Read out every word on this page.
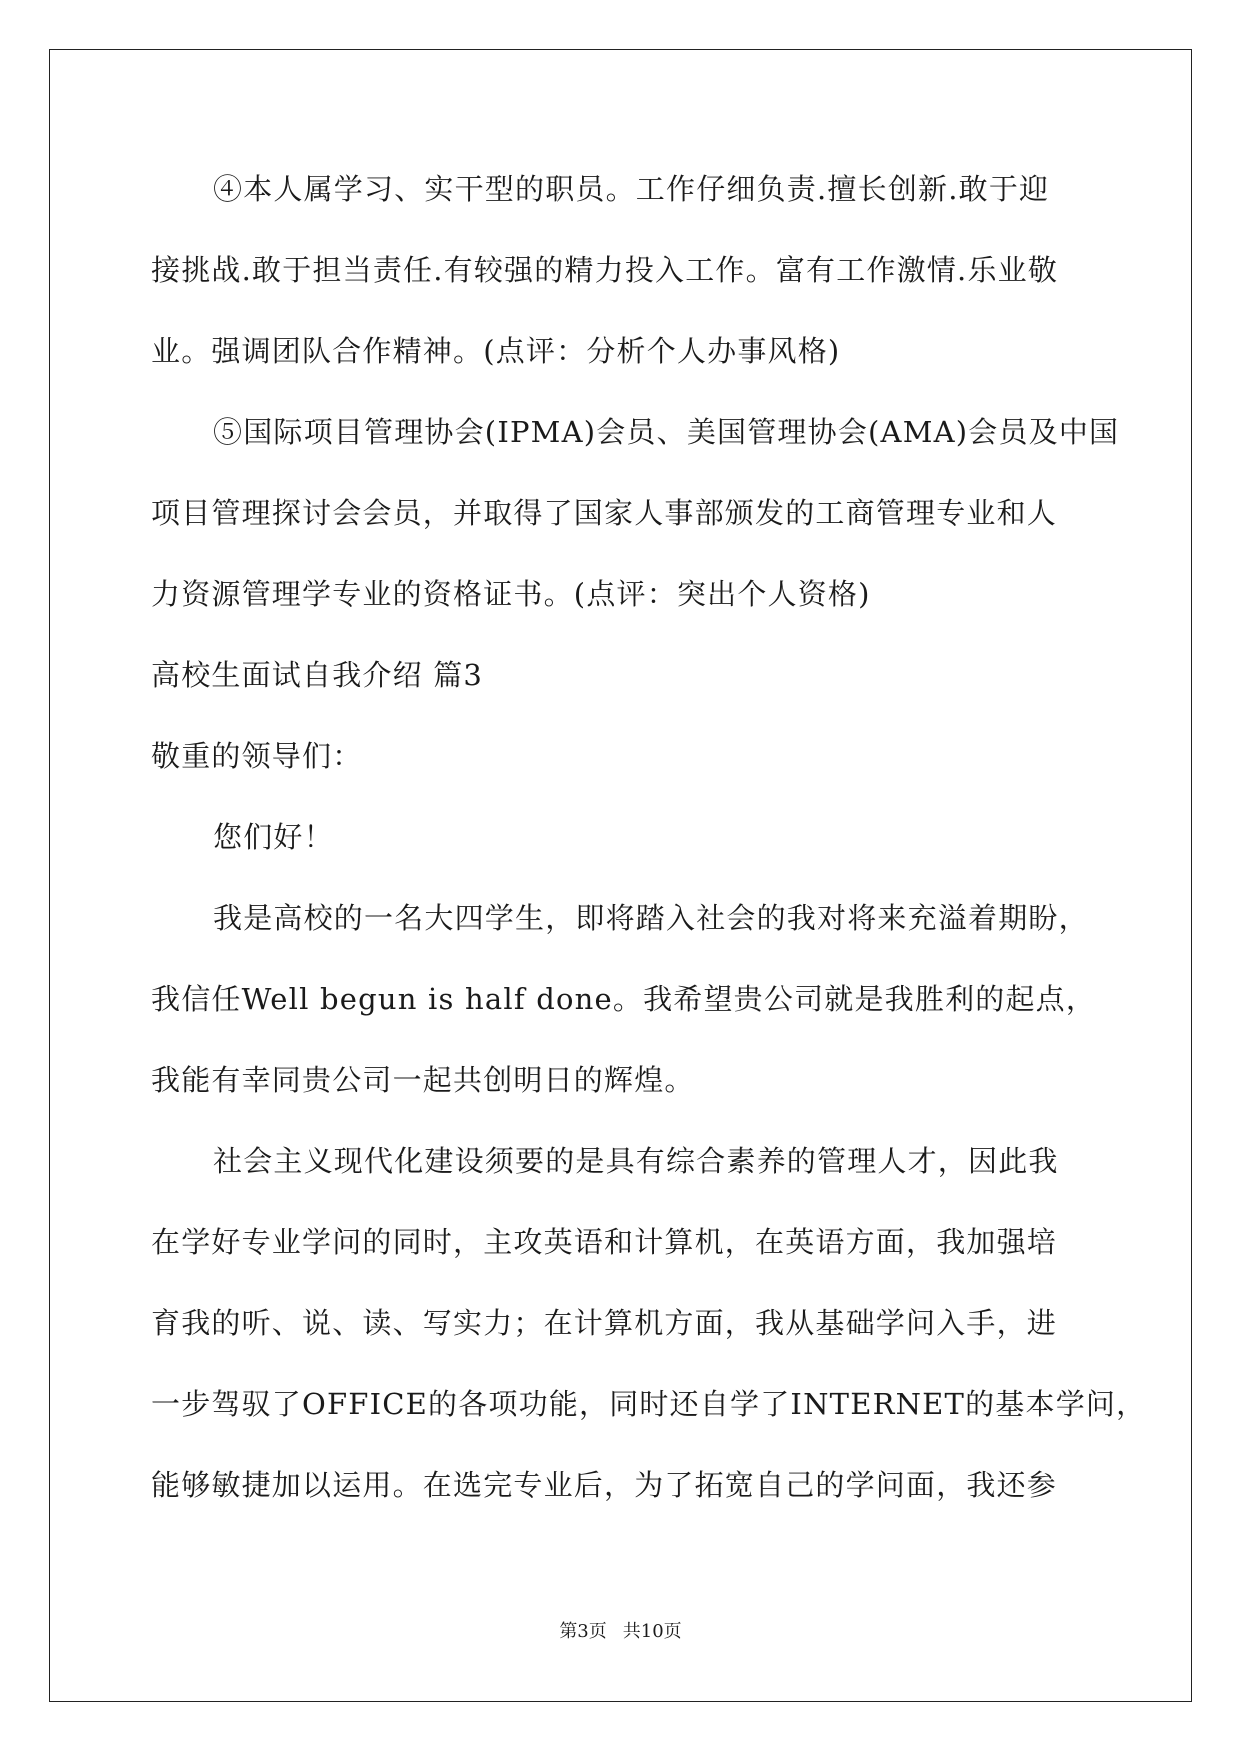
④本人属学习、实干型的职员。工作仔细负责.擅长创新.敢于迎
接挑战.敢于担当责任.有较强的精力投入工作。富有工作激情.乐业敬
业。强调团队合作精神。(点评：分析个人办事风格)
⑤国际项目管理协会(IPMA)会员、美国管理协会(AMA)会员及中国
项目管理探讨会会员，并取得了国家人事部颁发的工商管理专业和人
力资源管理学专业的资格证书。(点评：突出个人资格)
高校生面试自我介绍 篇3
敬重的领导们：
您们好！
我是高校的一名大四学生，即将踏入社会的我对将来充溢着期盼，
我信任Well begun is half done。我希望贵公司就是我胜利的起点，
我能有幸同贵公司一起共创明日的辉煌。
社会主义现代化建设须要的是具有综合素养的管理人才，因此我
在学好专业学问的同时，主攻英语和计算机，在英语方面，我加强培
育我的听、说、读、写实力；在计算机方面，我从基础学问入手，进
一步驾驭了OFFICE的各项功能，同时还自学了INTERNET的基本学问，
能够敏捷加以运用。在选完专业后，为了拓宽自己的学问面，我还参
第3页 共10页
